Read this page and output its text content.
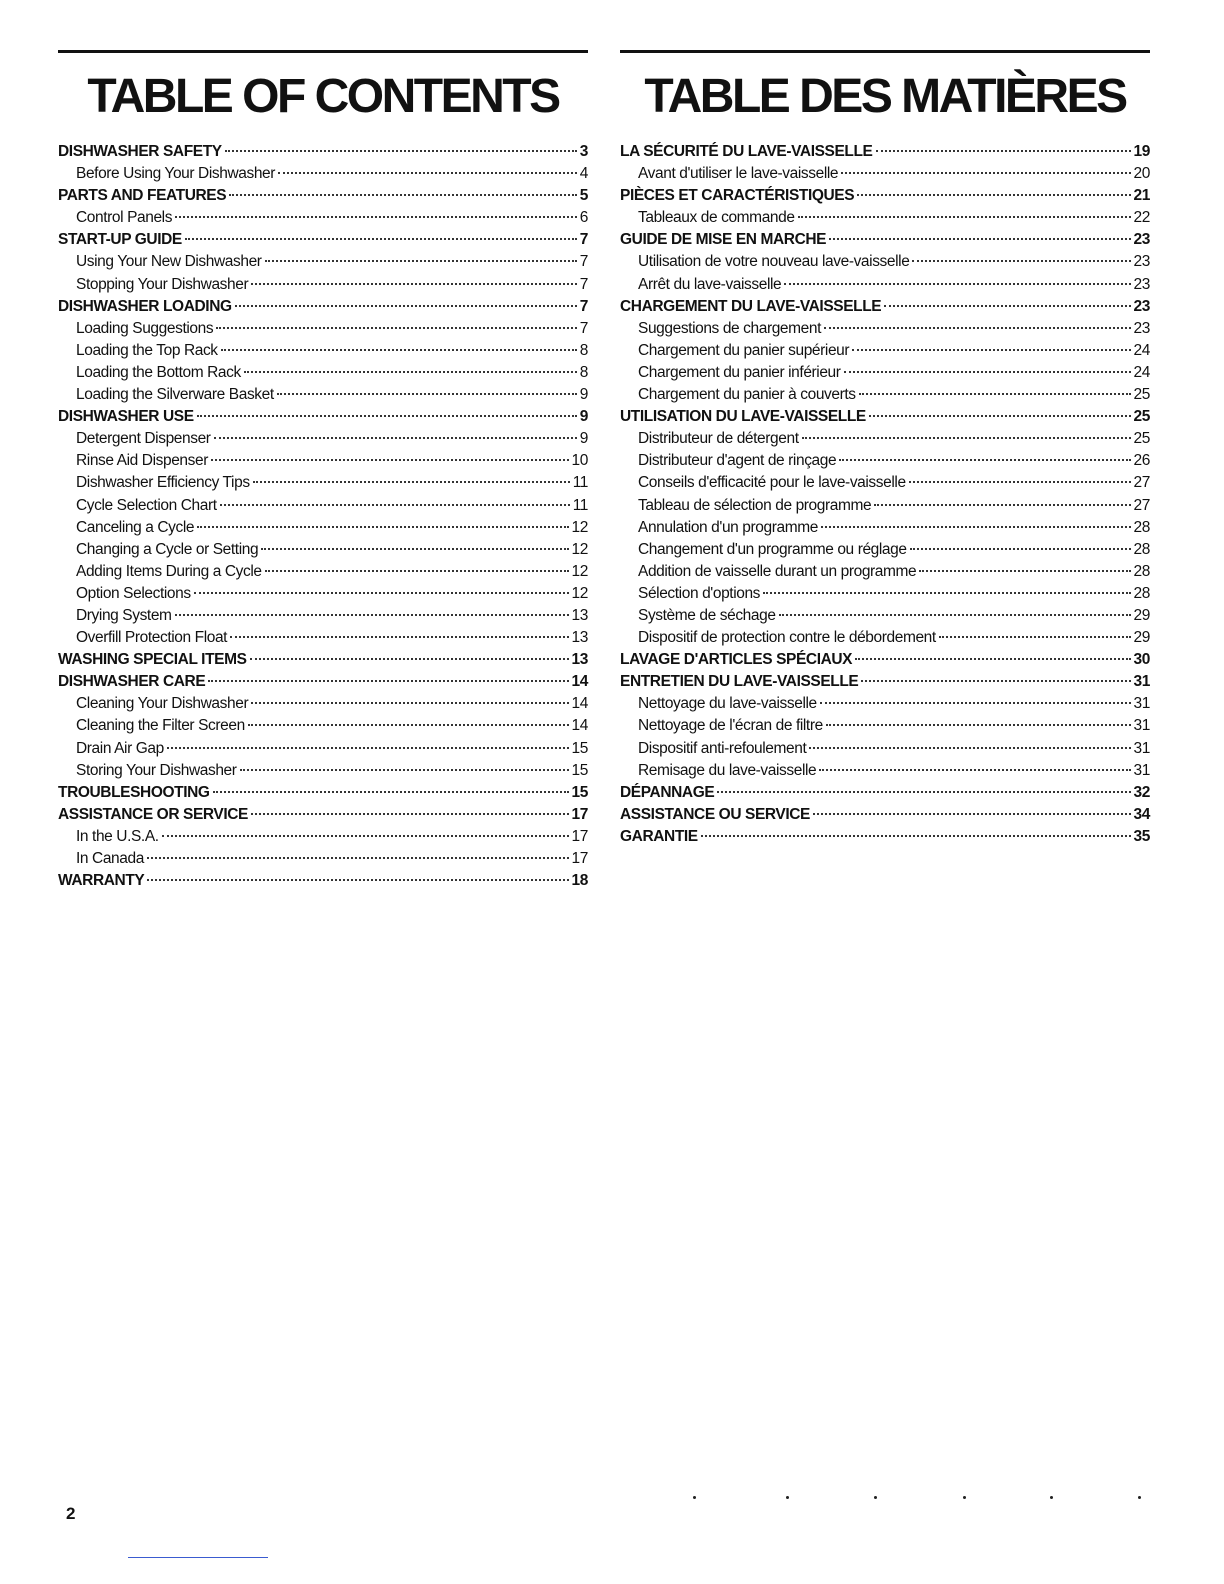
TABLE OF CONTENTS
DISHWASHER SAFETY	3
Before Using Your Dishwasher	4
PARTS AND FEATURES	5
Control Panels	6
START-UP GUIDE	7
Using Your New Dishwasher	7
Stopping Your Dishwasher	7
DISHWASHER LOADING	7
Loading Suggestions	7
Loading the Top Rack	8
Loading the Bottom Rack	8
Loading the Silverware Basket	9
DISHWASHER USE	9
Detergent Dispenser	9
Rinse Aid Dispenser	10
Dishwasher Efficiency Tips	11
Cycle Selection Chart	11
Canceling a Cycle	12
Changing a Cycle or Setting	12
Adding Items During a Cycle	12
Option Selections	12
Drying System	13
Overfill Protection Float	13
WASHING SPECIAL ITEMS	13
DISHWASHER CARE	14
Cleaning Your Dishwasher	14
Cleaning the Filter Screen	14
Drain Air Gap	15
Storing Your Dishwasher	15
TROUBLESHOOTING	15
ASSISTANCE OR SERVICE	17
In the U.S.A.	17
In Canada	17
WARRANTY	18
TABLE DES MATIÈRES
LA SÉCURITÉ DU LAVE-VAISSELLE	19
Avant d'utiliser le lave-vaisselle	20
PIÈCES ET CARACTÉRISTIQUES	21
Tableaux de commande	22
GUIDE DE MISE EN MARCHE	23
Utilisation de votre nouveau lave-vaisselle	23
Arrêt du lave-vaisselle	23
CHARGEMENT DU LAVE-VAISSELLE	23
Suggestions de chargement	23
Chargement du panier supérieur	24
Chargement du panier inférieur	24
Chargement du panier à couverts	25
UTILISATION DU LAVE-VAISSELLE	25
Distributeur de détergent	25
Distributeur d'agent de rinçage	26
Conseils d'efficacité pour le lave-vaisselle	27
Tableau de sélection de programme	27
Annulation d'un programme	28
Changement d'un programme ou réglage	28
Addition de vaisselle durant un programme	28
Sélection d'options	28
Système de séchage	29
Dispositif de protection contre le débordement	29
LAVAGE D'ARTICLES SPÉCIAUX	30
ENTRETIEN DU LAVE-VAISSELLE	31
Nettoyage du lave-vaisselle	31
Nettoyage de l'écran de filtre	31
Dispositif anti-refoulement	31
Remisage du lave-vaisselle	31
DÉPANNAGE	32
ASSISTANCE OU SERVICE	34
GARANTIE	35
2
